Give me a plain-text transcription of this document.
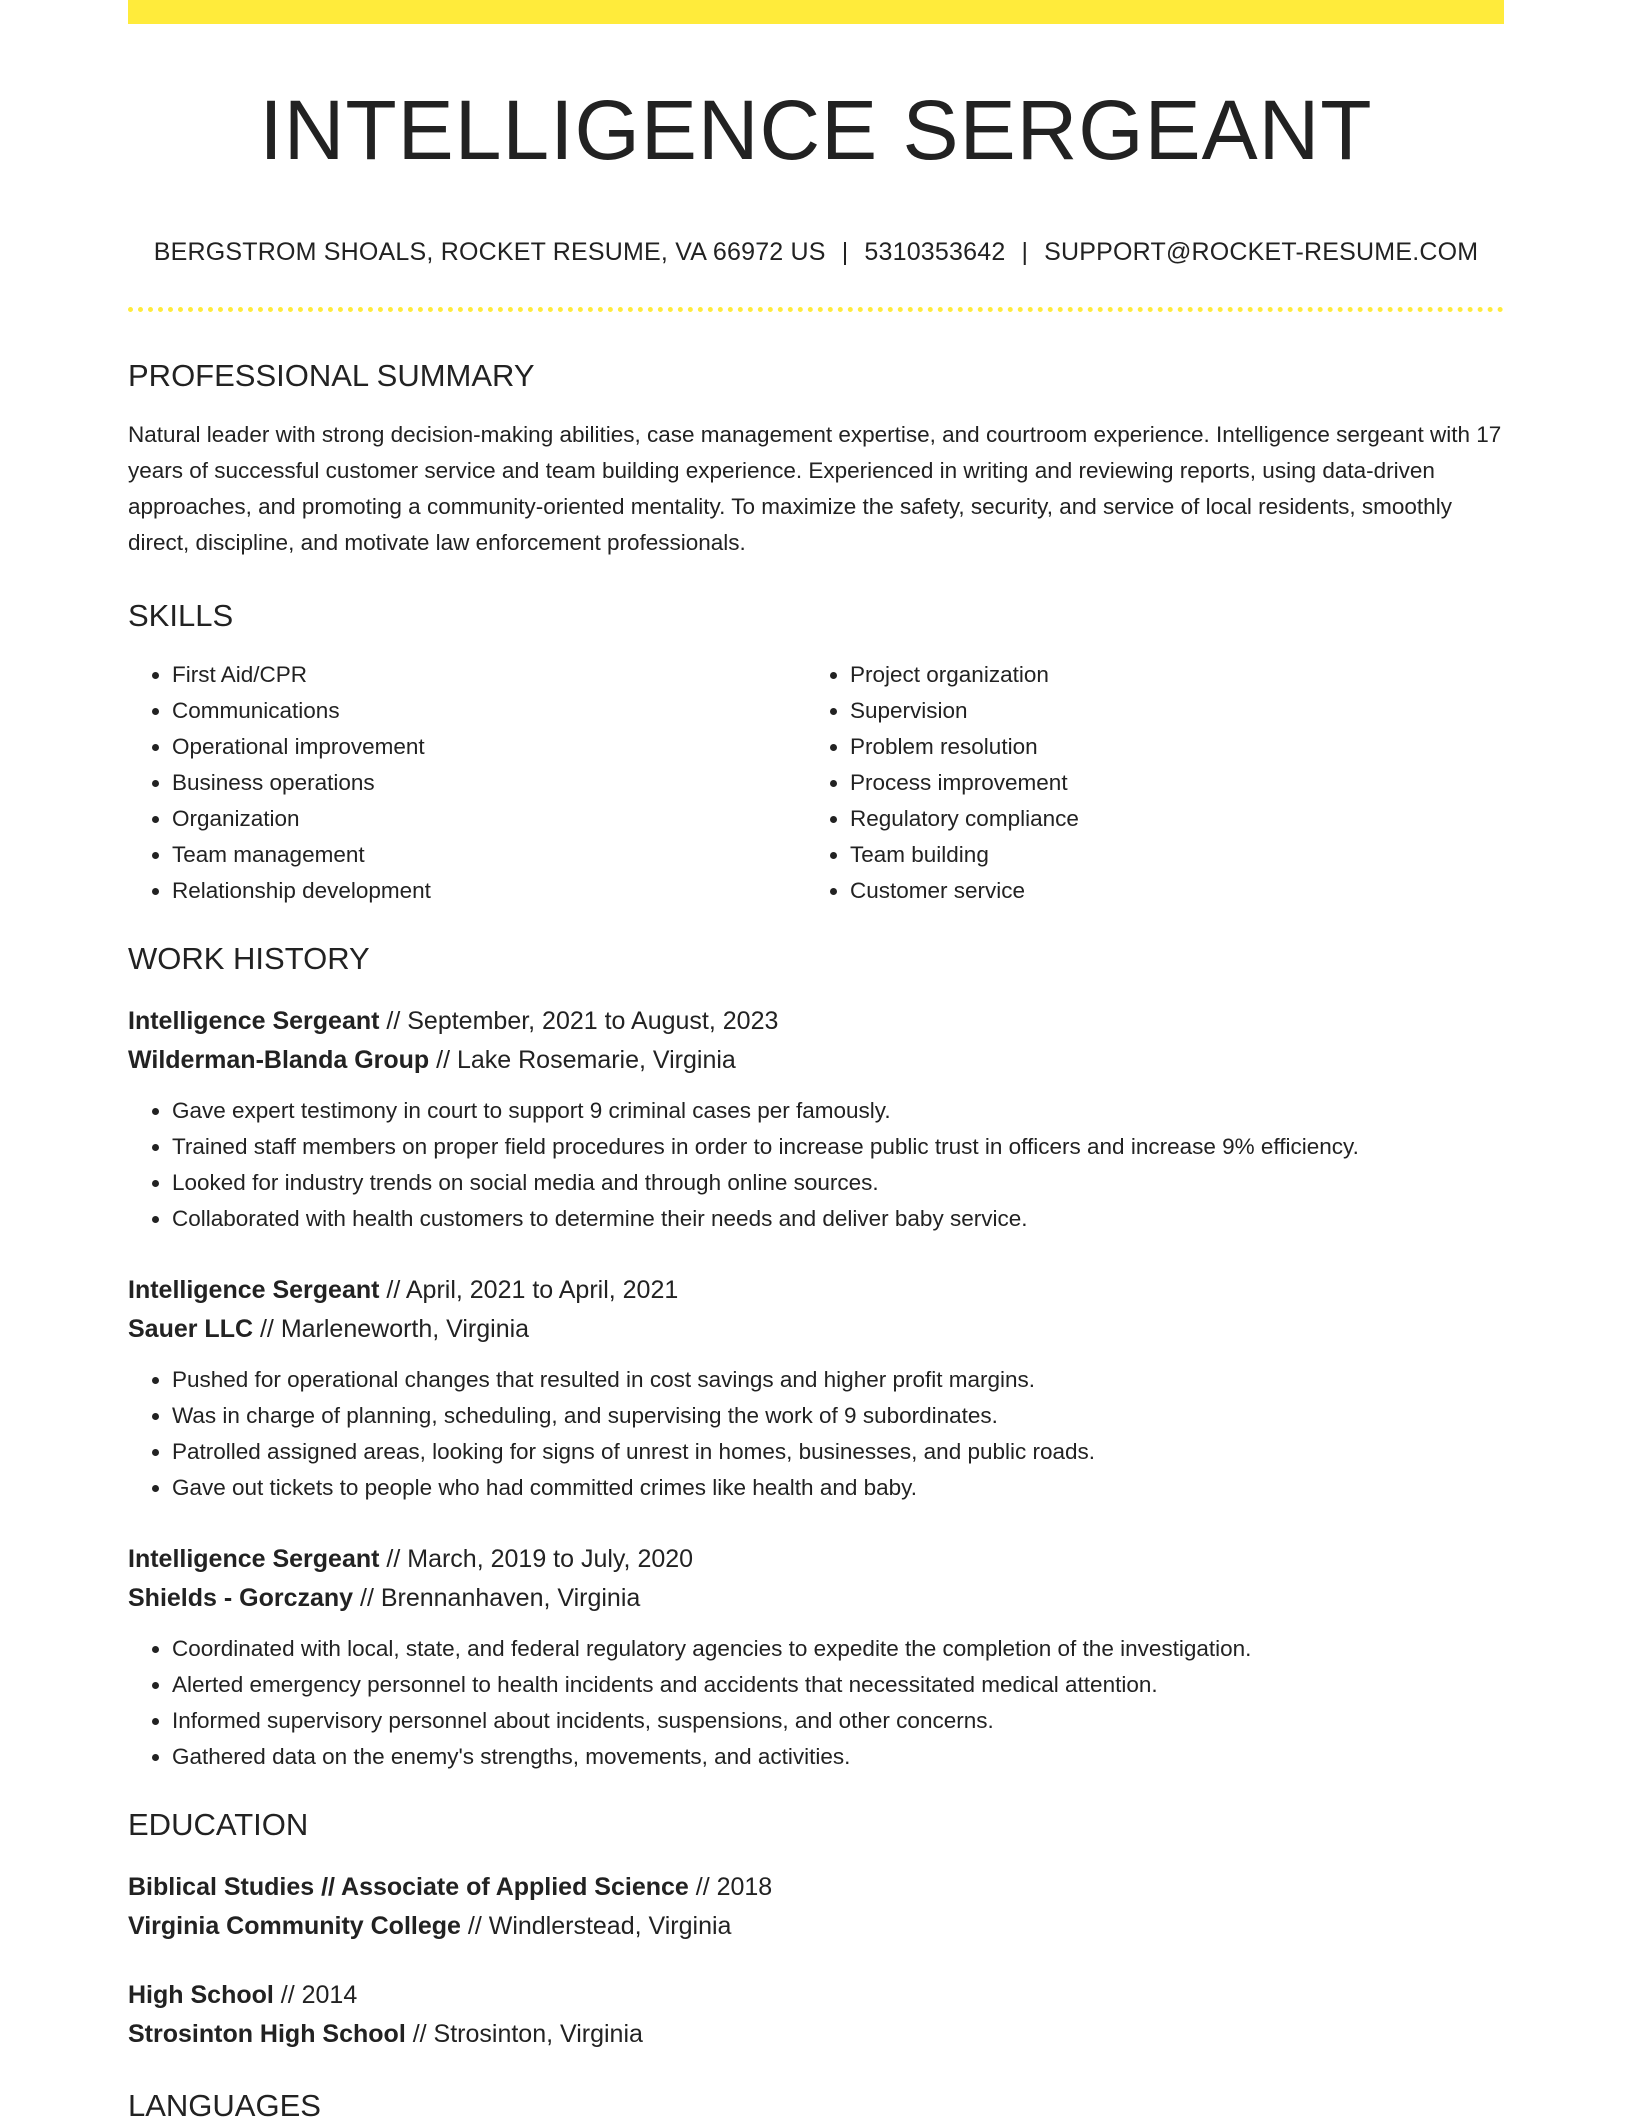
INTELLIGENCE SERGEANT
BERGSTROM SHOALS, ROCKET RESUME, VA 66972 US | 5310353642 | SUPPORT@ROCKET-RESUME.COM
PROFESSIONAL SUMMARY
Natural leader with strong decision-making abilities, case management expertise, and courtroom experience. Intelligence sergeant with 17 years of successful customer service and team building experience. Experienced in writing and reviewing reports, using data-driven approaches, and promoting a community-oriented mentality. To maximize the safety, security, and service of local residents, smoothly direct, discipline, and motivate law enforcement professionals.
SKILLS
• First Aid/CPR
• Communications
• Operational improvement
• Business operations
• Organization
• Team management
• Relationship development
• Project organization
• Supervision
• Problem resolution
• Process improvement
• Regulatory compliance
• Team building
• Customer service
WORK HISTORY
Intelligence Sergeant // September, 2021 to August, 2023
Wilderman-Blanda Group // Lake Rosemarie, Virginia
• Gave expert testimony in court to support 9 criminal cases per famously.
• Trained staff members on proper field procedures in order to increase public trust in officers and increase 9% efficiency.
• Looked for industry trends on social media and through online sources.
• Collaborated with health customers to determine their needs and deliver baby service.
Intelligence Sergeant // April, 2021 to April, 2021
Sauer LLC // Marleneworth, Virginia
• Pushed for operational changes that resulted in cost savings and higher profit margins.
• Was in charge of planning, scheduling, and supervising the work of 9 subordinates.
• Patrolled assigned areas, looking for signs of unrest in homes, businesses, and public roads.
• Gave out tickets to people who had committed crimes like health and baby.
Intelligence Sergeant // March, 2019 to July, 2020
Shields - Gorczany // Brennanhaven, Virginia
• Coordinated with local, state, and federal regulatory agencies to expedite the completion of the investigation.
• Alerted emergency personnel to health incidents and accidents that necessitated medical attention.
• Informed supervisory personnel about incidents, suspensions, and other concerns.
• Gathered data on the enemy's strengths, movements, and activities.
EDUCATION
Biblical Studies // Associate of Applied Science // 2018
Virginia Community College // Windlerstead, Virginia
High School // 2014
Strosinton High School // Strosinton, Virginia
LANGUAGES
